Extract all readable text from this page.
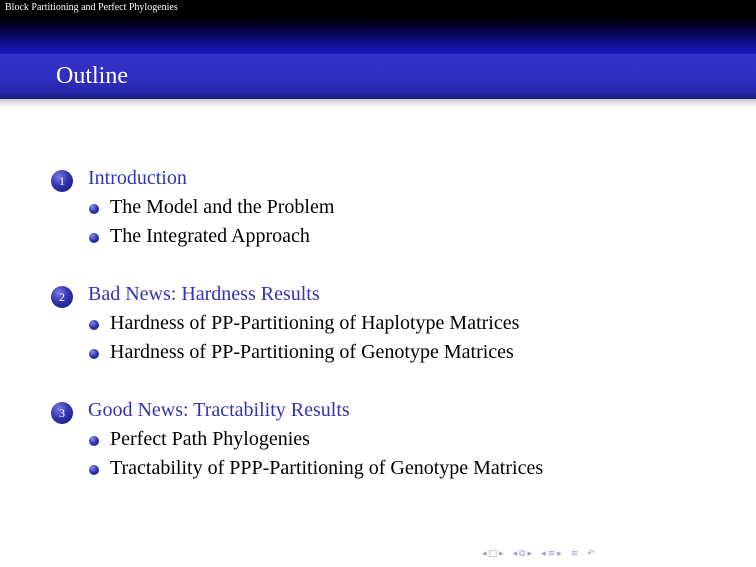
Block Partitioning and Perfect Phylogenies
Outline
1	Introduction
The Model and the Problem
The Integrated Approach
2	Bad News: Hardness Results
Hardness of PP-Partitioning of Haplotype Matrices
Hardness of PP-Partitioning of Genotype Matrices
3	Good News: Tractability Results
Perfect Path Phylogenies
Tractability of PPP-Partitioning of Genotype Matrices
◂ □ ▸ ◂ ⧉ ▸ ◂ ≡ ▸ ≡ ↶
